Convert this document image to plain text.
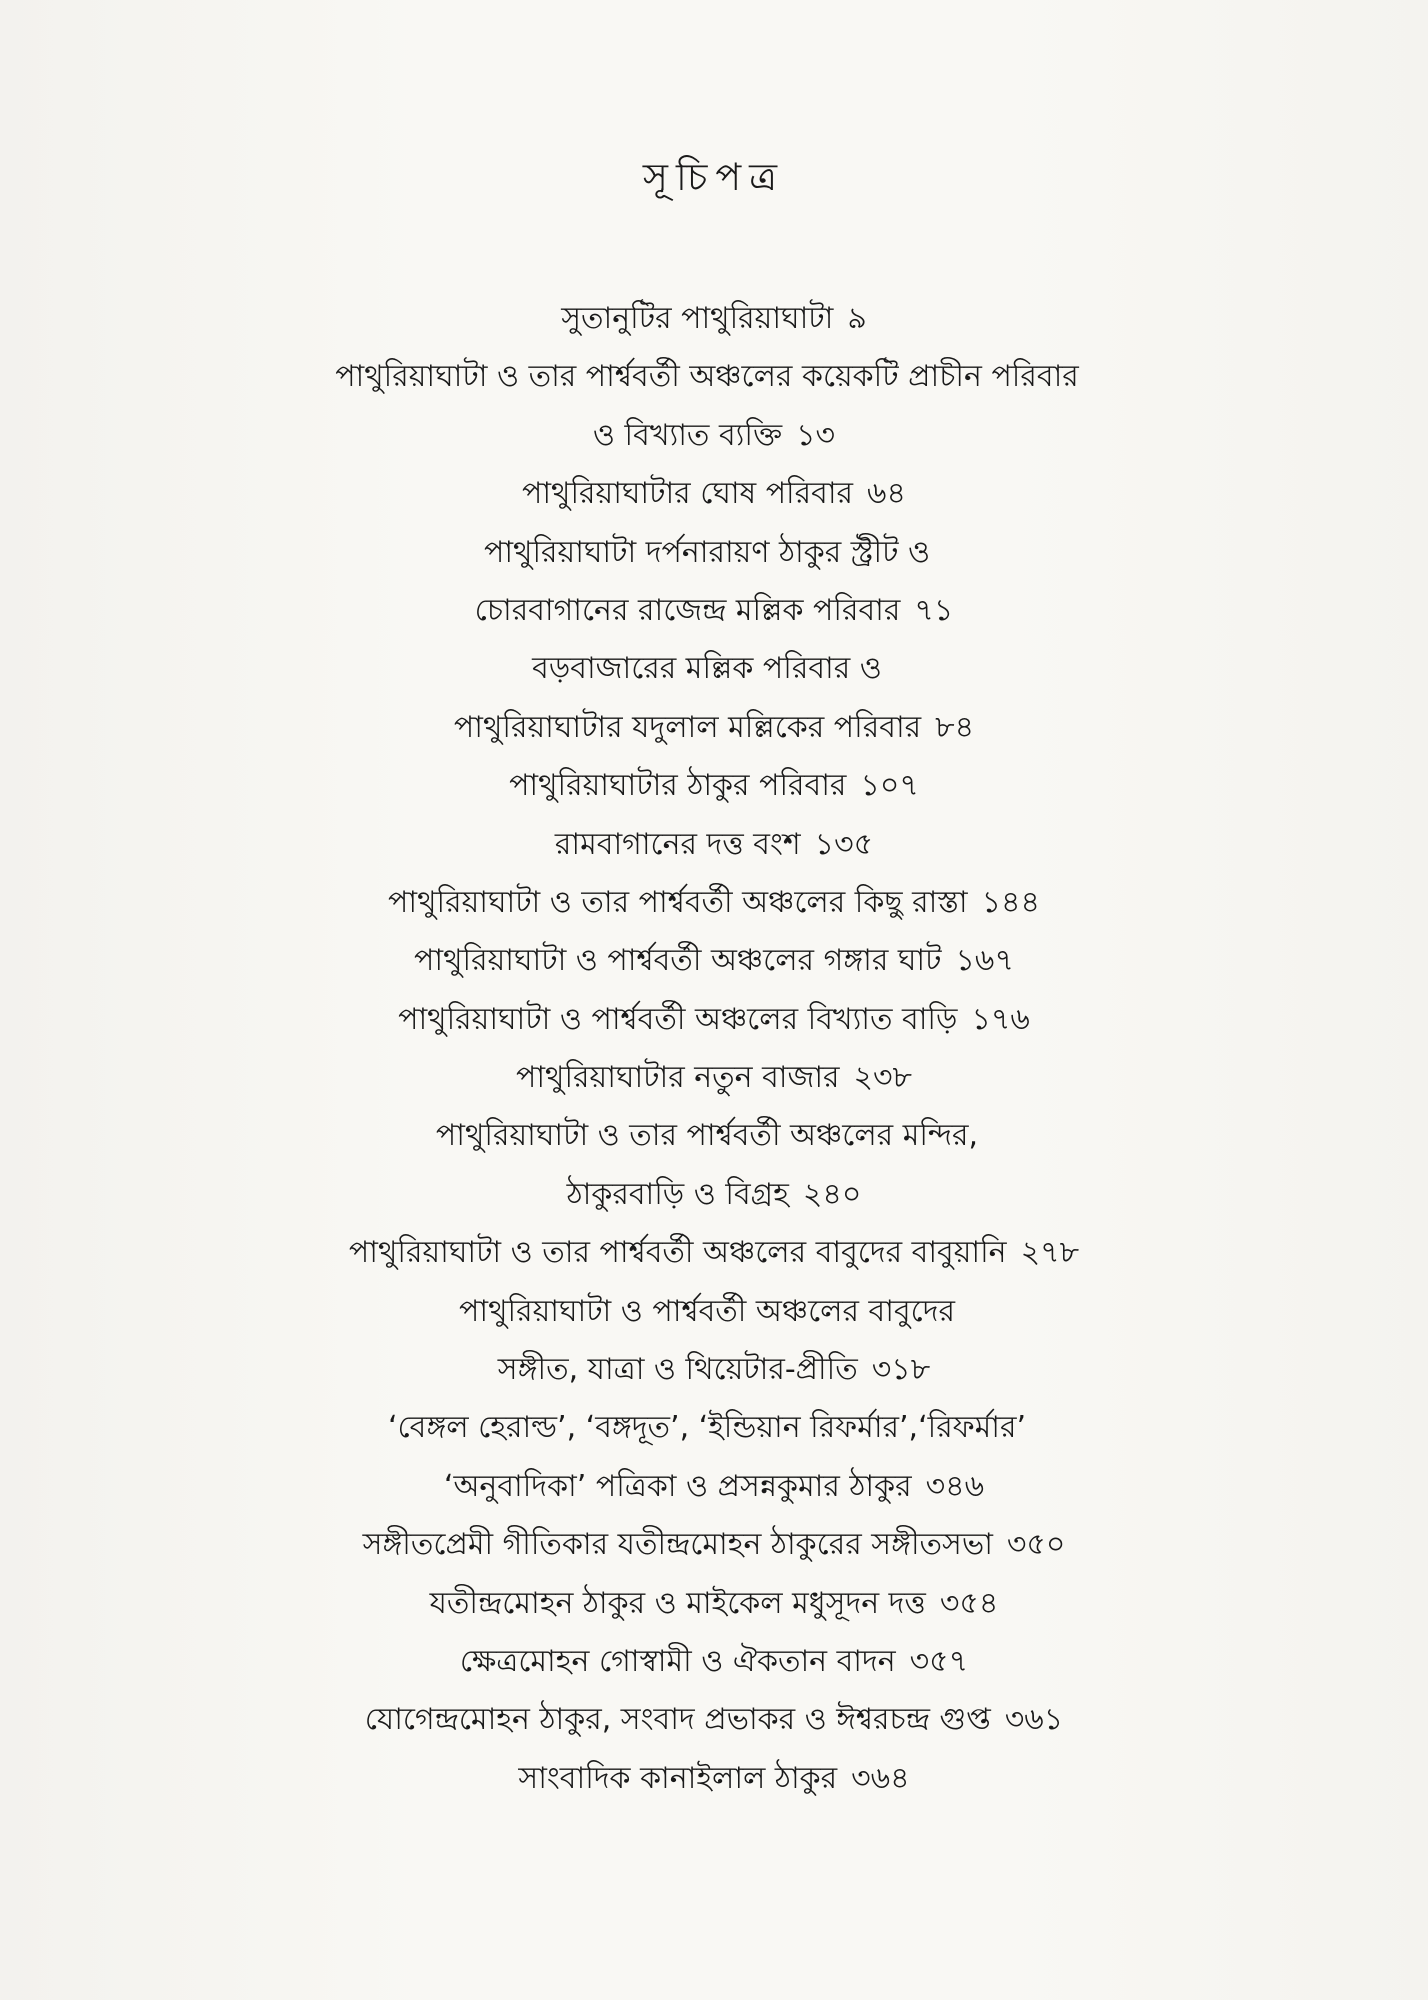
সূচিপত্র
সুতানুটির পাথুরিয়াঘাটা ৯
পাথুরিয়াঘাটা ও তার পার্শ্ববর্তী অঞ্চলের কয়েকটি প্রাচীন পরিবার
ও বিখ্যাত ব্যক্তি ১৩
পাথুরিয়াঘাটার ঘোষ পরিবার ৬৪
পাথুরিয়াঘাটা দর্পনারায়ণ ঠাকুর স্ট্রীট ও
চোরবাগানের রাজেন্দ্র মল্লিক পরিবার ৭১
বড়বাজারের মল্লিক পরিবার ও
পাথুরিয়াঘাটার যদুলাল মল্লিকের পরিবার ৮৪
পাথুরিয়াঘাটার ঠাকুর পরিবার ১০৭
রামবাগানের দত্ত বংশ ১৩৫
পাথুরিয়াঘাটা ও তার পার্শ্ববর্তী অঞ্চলের কিছু রাস্তা ১৪৪
পাথুরিয়াঘাটা ও পার্শ্ববর্তী অঞ্চলের গঙ্গার ঘাট ১৬৭
পাথুরিয়াঘাটা ও পার্শ্ববর্তী অঞ্চলের বিখ্যাত বাড়ি ১৭৬
পাথুরিয়াঘাটার নতুন বাজার ২৩৮
পাথুরিয়াঘাটা ও তার পার্শ্ববর্তী অঞ্চলের মন্দির,
ঠাকুরবাড়ি ও বিগ্রহ ২৪০
পাথুরিয়াঘাটা ও তার পার্শ্ববর্তী অঞ্চলের বাবুদের বাবুয়ানি ২৭৮
পাথুরিয়াঘাটা ও পার্শ্ববর্তী অঞ্চলের বাবুদের
সঙ্গীত, যাত্রা ও থিয়েটার-প্রীতি ৩১৮
‘বেঙ্গল হেরাল্ড’, ‘বঙ্গদূত’, ‘ইন্ডিয়ান রিফর্মার’,‘রিফর্মার’
‘অনুবাদিকা’ পত্রিকা ও প্রসন্নকুমার ঠাকুর ৩৪৬
সঙ্গীতপ্রেমী গীতিকার যতীন্দ্রমোহন ঠাকুরের সঙ্গীতসভা ৩৫০
যতীন্দ্রমোহন ঠাকুর ও মাইকেল মধুসূদন দত্ত ৩৫৪
ক্ষেত্রমোহন গোস্বামী ও ঐকতান বাদন ৩৫৭
যোগেন্দ্রমোহন ঠাকুর, সংবাদ প্রভাকর ও ঈশ্বরচন্দ্র গুপ্ত ৩৬১
সাংবাদিক কানাইলাল ঠাকুর ৩৬৪
